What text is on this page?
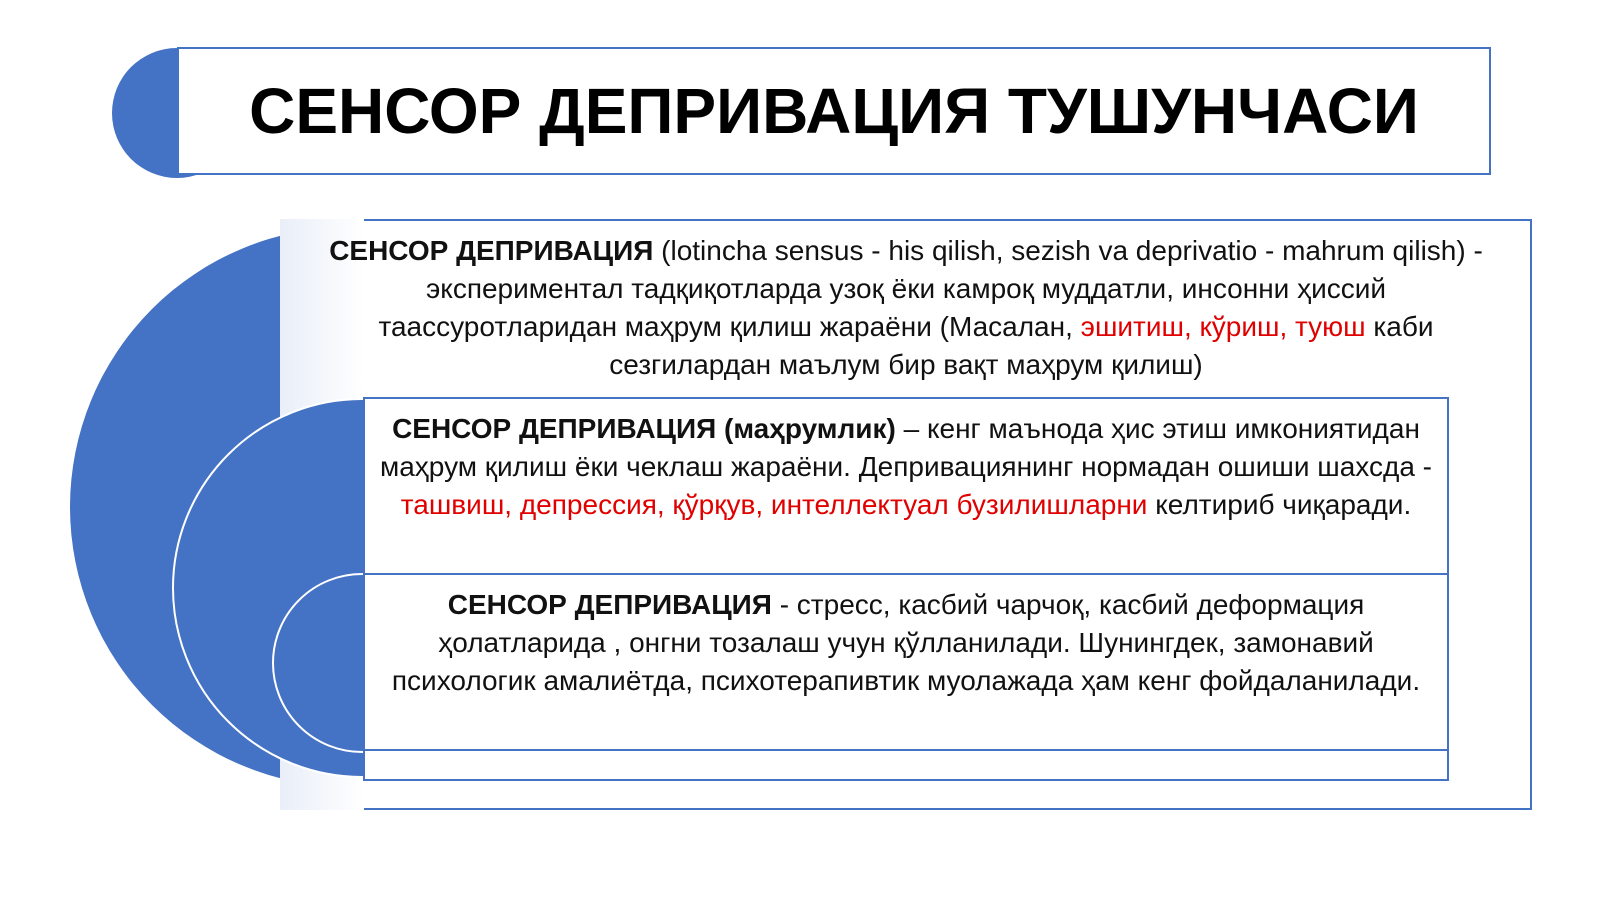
СЕНСОР ДЕПРИВАЦИЯ ТУШУНЧАСИ
СЕНСОР ДЕПРИВАЦИЯ (lotincha sensus - his qilish, sezish va deprivatio - mahrum qilish) - экспериментал тадқиқотларда узоқ ёки камроқ муддатли, инсонни ҳиссий таассуротларидан маҳрум қилиш жараёни (Масалан, эшитиш, кўриш, туюш каби сезгилардан маълум бир вақт маҳрум қилиш)
СЕНСОР ДЕПРИВАЦИЯ (маҳрумлик) – кенг маънода ҳис этиш имкониятидан маҳрум қилиш ёки чеклаш жараёни. Депривациянинг нормадан ошиши шахсда - ташвиш, депрессия, қўрқув, интеллектуал бузилишларни келтириб чиқаради.
СЕНСОР ДЕПРИВАЦИЯ - стресс, касбий чарчоқ, касбий деформация ҳолатларида , онгни тозалаш учун қўлланилади. Шунингдек, замонавий психологик амалиётда, психотерапивтик муолажада ҳам кенг фойдаланилади.
